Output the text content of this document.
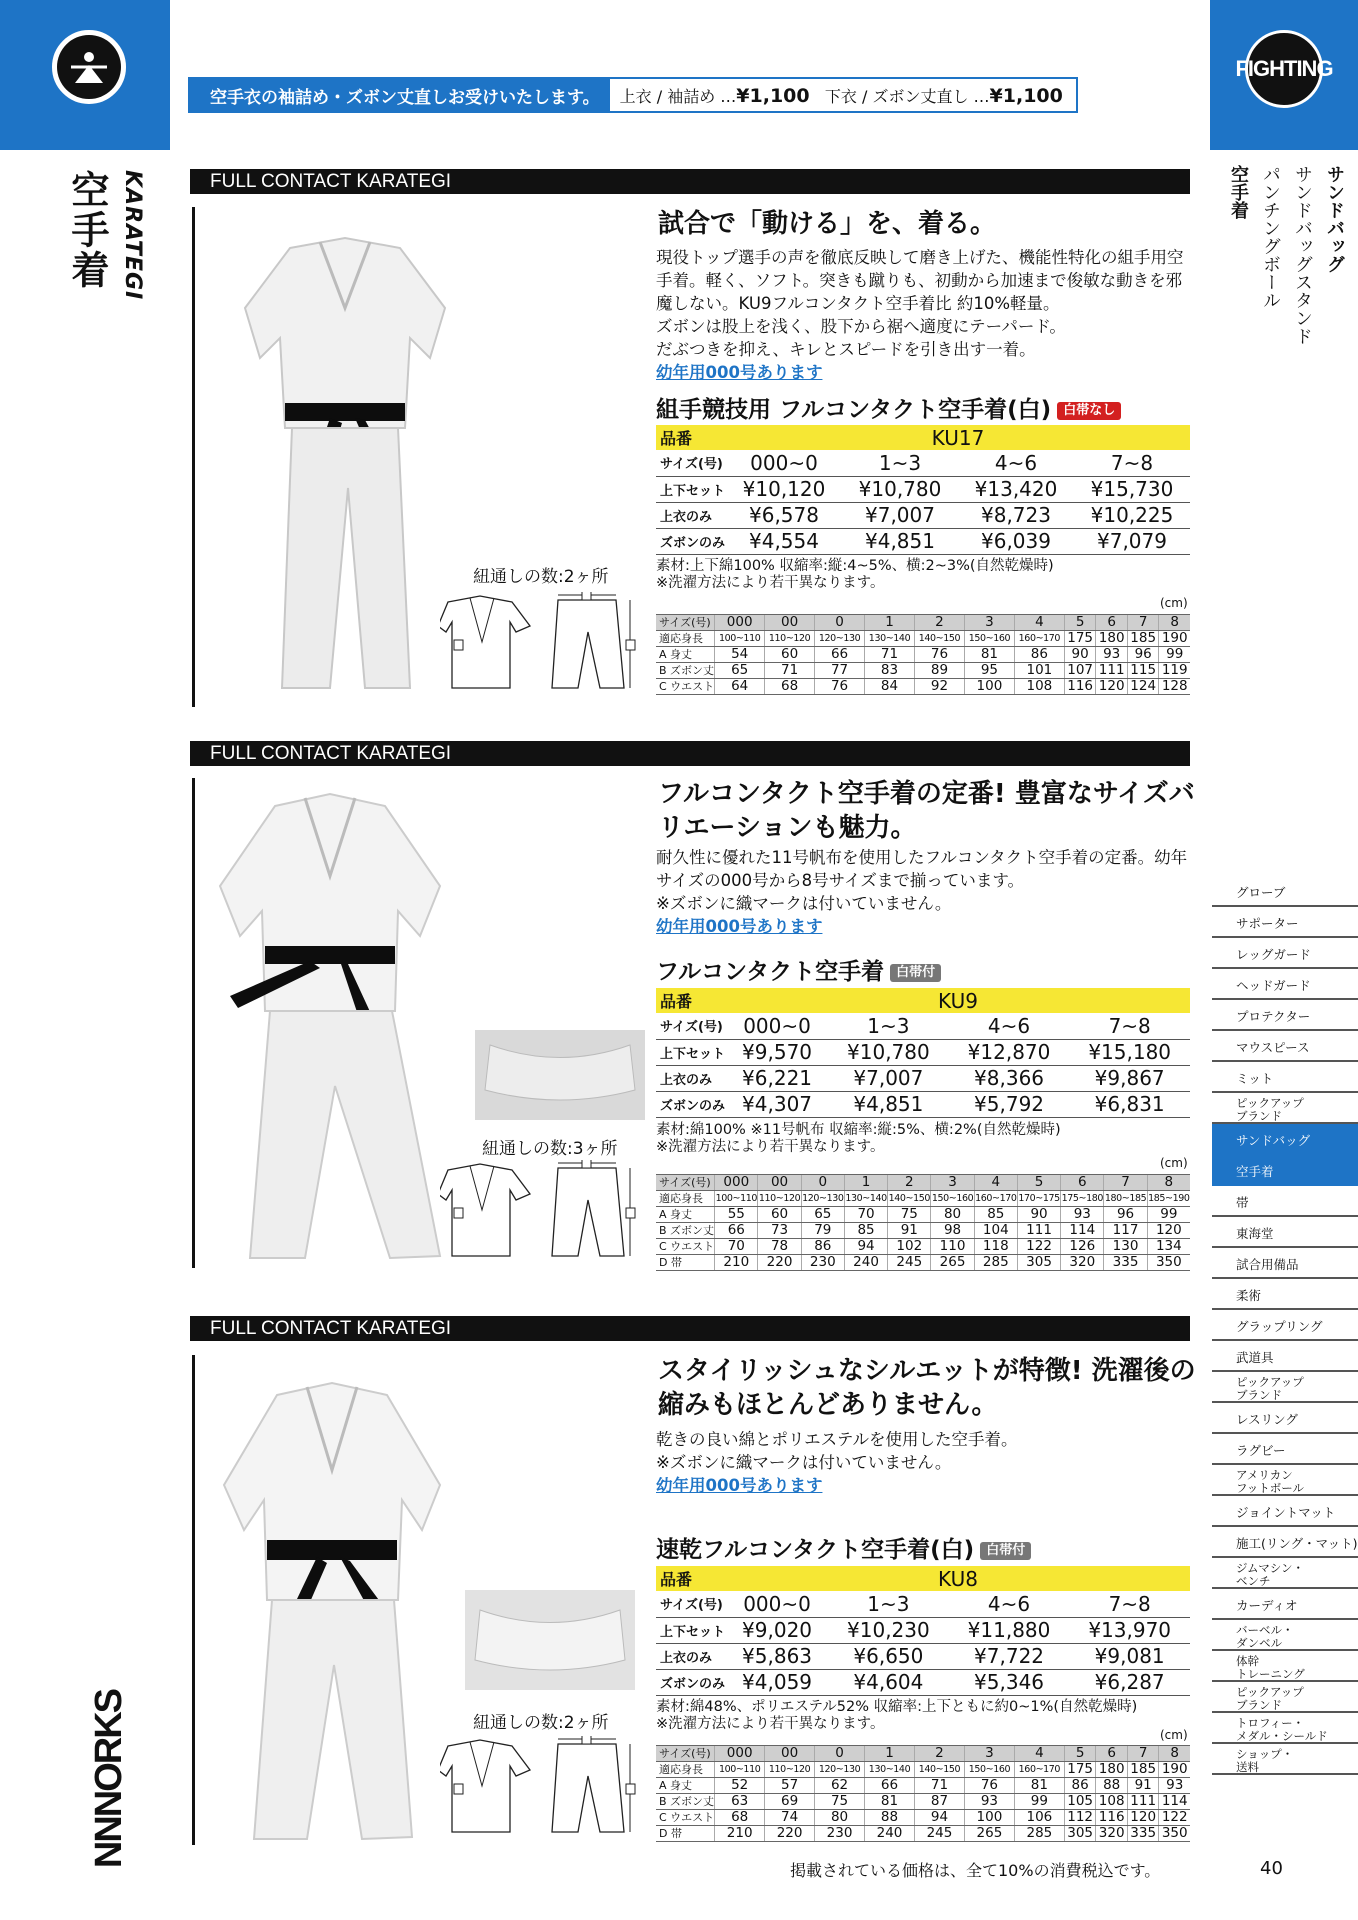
FIGHTING
空手衣の袖詰め・ズボン丈直しお受けいたします。	上衣 / 袖詰め …¥1,100 下衣 / ズボン丈直し …¥1,100
空手着 KARATEGI
NNNORKS
サンドバッグ
サンドバッグスタンド
パンチングボール
空手着
グローブ
サポーター
レッグガード
ヘッドガード
プロテクター
マウスピース
ミット
ピックアップ
ブランド
サンドバッグ
空手着
帯
東海堂
試合用備品
柔術
グラップリング
武道具
ピックアップ
ブランド
レスリング
ラグビー
アメリカン
フットボール
ジョイントマット
施工(リング・マット)
ジムマシン・
ベンチ
カーディオ
バーベル・
ダンベル
体幹
トレーニング
ピックアップ
ブランド
トロフィー・
メダル・シールド
ショップ・
送料
FULL CONTACT KARATEGI
試合で「動ける」を、着る。
現役トップ選手の声を徹底反映して磨き上げた、機能性特化の組手用空手着。軽く、ソフト。突きも蹴りも、初動から加速まで俊敏な動きを邪魔しない。KU9フルコンタクト空手着比 約10%軽量。
ズボンは股上を浅く、股下から裾へ適度にテーパード。
だぶつきを抑え、キレとスピードを引き出す一着。
幼年用000号あります
組手競技用 フルコンタクト空手着(白) 白帯なし
品番	KU17			
サイズ(号)	000~0	1~3	4~6	7~8
上下セット	¥10,120	¥10,780	¥13,420	¥15,730
上衣のみ	¥6,578	¥7,007	¥8,723	¥10,225
ズボンのみ	¥4,554	¥4,851	¥6,039	¥7,079
素材:上下綿100% 収縮率:縦:4~5%、横:2~3%(自然乾燥時)
※洗濯方法により若干異なります。
紐通しの数:2ヶ所
(cm)
サイズ(号)	000	00	0	1	2	3	4	5	6	7	8
適応身長	100~110	110~120	120~130	130~140	140~150	150~160	160~170	175	180	185	190
A 身丈	54	60	66	71	76	81	86	90	93	96	99
B ズボン丈	65	71	77	83	89	95	101	107	111	115	119
C ウエスト	64	68	76	84	92	100	108	116	120	124	128
FULL CONTACT KARATEGI
フルコンタクト空手着の定番! 豊富なサイズバリエーションも魅力。
耐久性に優れた11号帆布を使用したフルコンタクト空手着の定番。幼年サイズの000号から8号サイズまで揃っています。
※ズボンに織マークは付いていません。
幼年用000号あります
フルコンタクト空手着 白帯付
品番	KU9			
サイズ(号)	000~0	1~3	4~6	7~8
上下セット	¥9,570	¥10,780	¥12,870	¥15,180
上衣のみ	¥6,221	¥7,007	¥8,366	¥9,867
ズボンのみ	¥4,307	¥4,851	¥5,792	¥6,831
素材:綿100% ※11号帆布 収縮率:縦:5%、横:2%(自然乾燥時)
※洗濯方法により若干異なります。
紐通しの数:3ヶ所
(cm)
サイズ(号)	000	00	0	1	2	3	4	5	6	7	8
適応身長	100~110	110~120	120~130	130~140	140~150	150~160	160~170	170~175	175~180	180~185	185~190
A 身丈	55	60	65	70	75	80	85	90	93	96	99
B ズボン丈	66	73	79	85	91	98	104	111	114	117	120
C ウエスト	70	78	86	94	102	110	118	122	126	130	134
D 帯	210	220	230	240	245	265	285	305	320	335	350
FULL CONTACT KARATEGI
スタイリッシュなシルエットが特徴! 洗濯後の縮みもほとんどありません。
乾きの良い綿とポリエステルを使用した空手着。
※ズボンに織マークは付いていません。
幼年用000号あります
速乾フルコンタクト空手着(白) 白帯付
品番	KU8			
サイズ(号)	000~0	1~3	4~6	7~8
上下セット	¥9,020	¥10,230	¥11,880	¥13,970
上衣のみ	¥5,863	¥6,650	¥7,722	¥9,081
ズボンのみ	¥4,059	¥4,604	¥5,346	¥6,287
素材:綿48%、ポリエステル52% 収縮率:上下ともに約0~1%(自然乾燥時)
※洗濯方法により若干異なります。
紐通しの数:2ヶ所
(cm)
サイズ(号)	000	00	0	1	2	3	4	5	6	7	8
適応身長	100~110	110~120	120~130	130~140	140~150	150~160	160~170	175	180	185	190
A 身丈	52	57	62	66	71	76	81	86	88	91	93
B ズボン丈	63	69	75	81	87	93	99	105	108	111	114
C ウエスト	68	74	80	88	94	100	106	112	116	120	122
D 帯	210	220	230	240	245	265	285	305	320	335	350
掲載されている価格は、全て10%の消費税込です。	40
